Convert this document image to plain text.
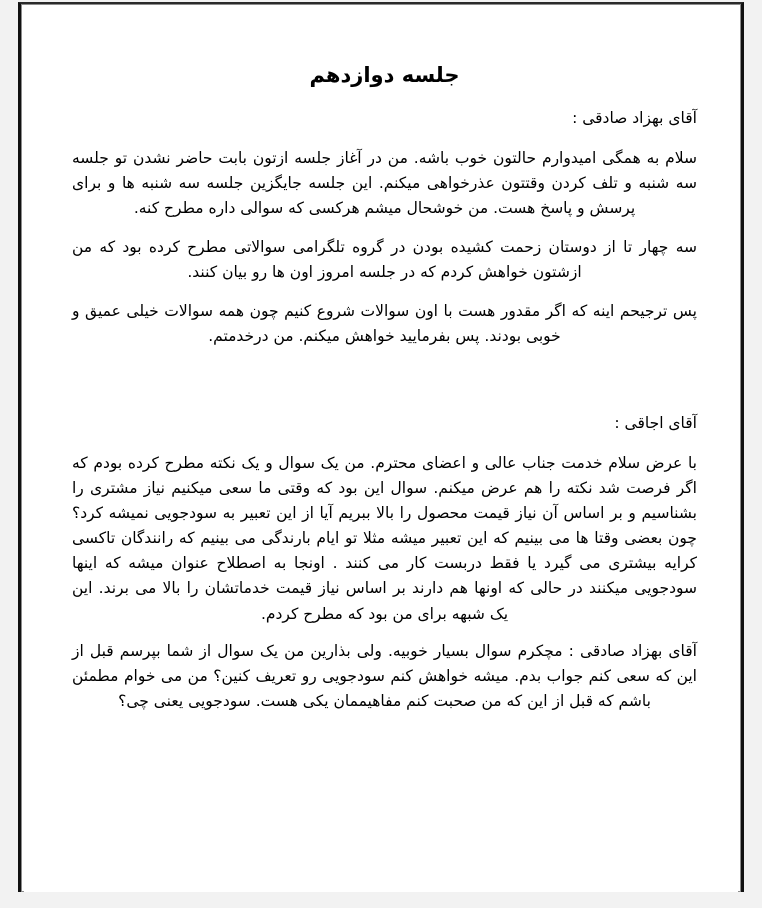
جلسه دوازدهم

آقای بهزاد صادقی :

سلام به همگی امیدوارم حالتون خوب باشه. من در آغاز جلسه ازتون بابت حاضر نشدن تو جلسه سه شنبه و تلف کردن وقتتون عذرخواهی میکنم. این جلسه جایگزین جلسه سه شنبه ها و برای پرسش و پاسخ هست. من خوشحال میشم هرکسی که سوالی داره مطرح کنه.

سه چهار تا از دوستان زحمت کشیده بودن در گروه تلگرامی سوالاتی مطرح کرده بود که من ازشتون خواهش کردم که در جلسه امروز اون ها رو بیان کنند.

پس ترجیحم اینه که اگر مقدور هست با اون سوالات شروع کنیم چون همه سوالات خیلی عمیق و خوبی بودند. پس بفرمایید خواهش میکنم. من درخدمتم.

آقای اجاقی :

با عرض سلام خدمت جناب عالی و اعضای محترم. من یک سوال و یک نکته مطرح کرده بودم که اگر فرصت شد نکته را هم عرض میکنم. سوال این بود که وقتی ما سعی میکنیم نیاز مشتری را بشناسیم و بر اساس آن نیاز قیمت محصول را بالا ببریم آیا از این تعبیر به سودجویی نمیشه کرد؟ چون بعضی وقتا ها می بینیم که این تعبیر میشه مثلا تو ایام بارندگی می بینیم که رانندگان تاکسی کرایه بیشتری می گیرد یا فقط دربست کار می کنند . اونجا به اصطلاح عنوان میشه که اینها سودجویی میکنند در حالی که اونها هم دارند بر اساس نیاز قیمت خدماتشان را بالا می برند. این یک شبهه برای من بود که مطرح کردم.

آقای بهزاد صادقی : مچکرم سوال بسیار خوبیه. ولی بذارین من یک سوال از شما بپرسم قبل از این که سعی کنم جواب بدم. میشه خواهش کنم سودجویی رو تعریف کنین؟ من می خوام مطمئن باشم که قبل از این که من صحبت کنم مفاهیممان یکی هست. سودجویی یعنی چی؟
